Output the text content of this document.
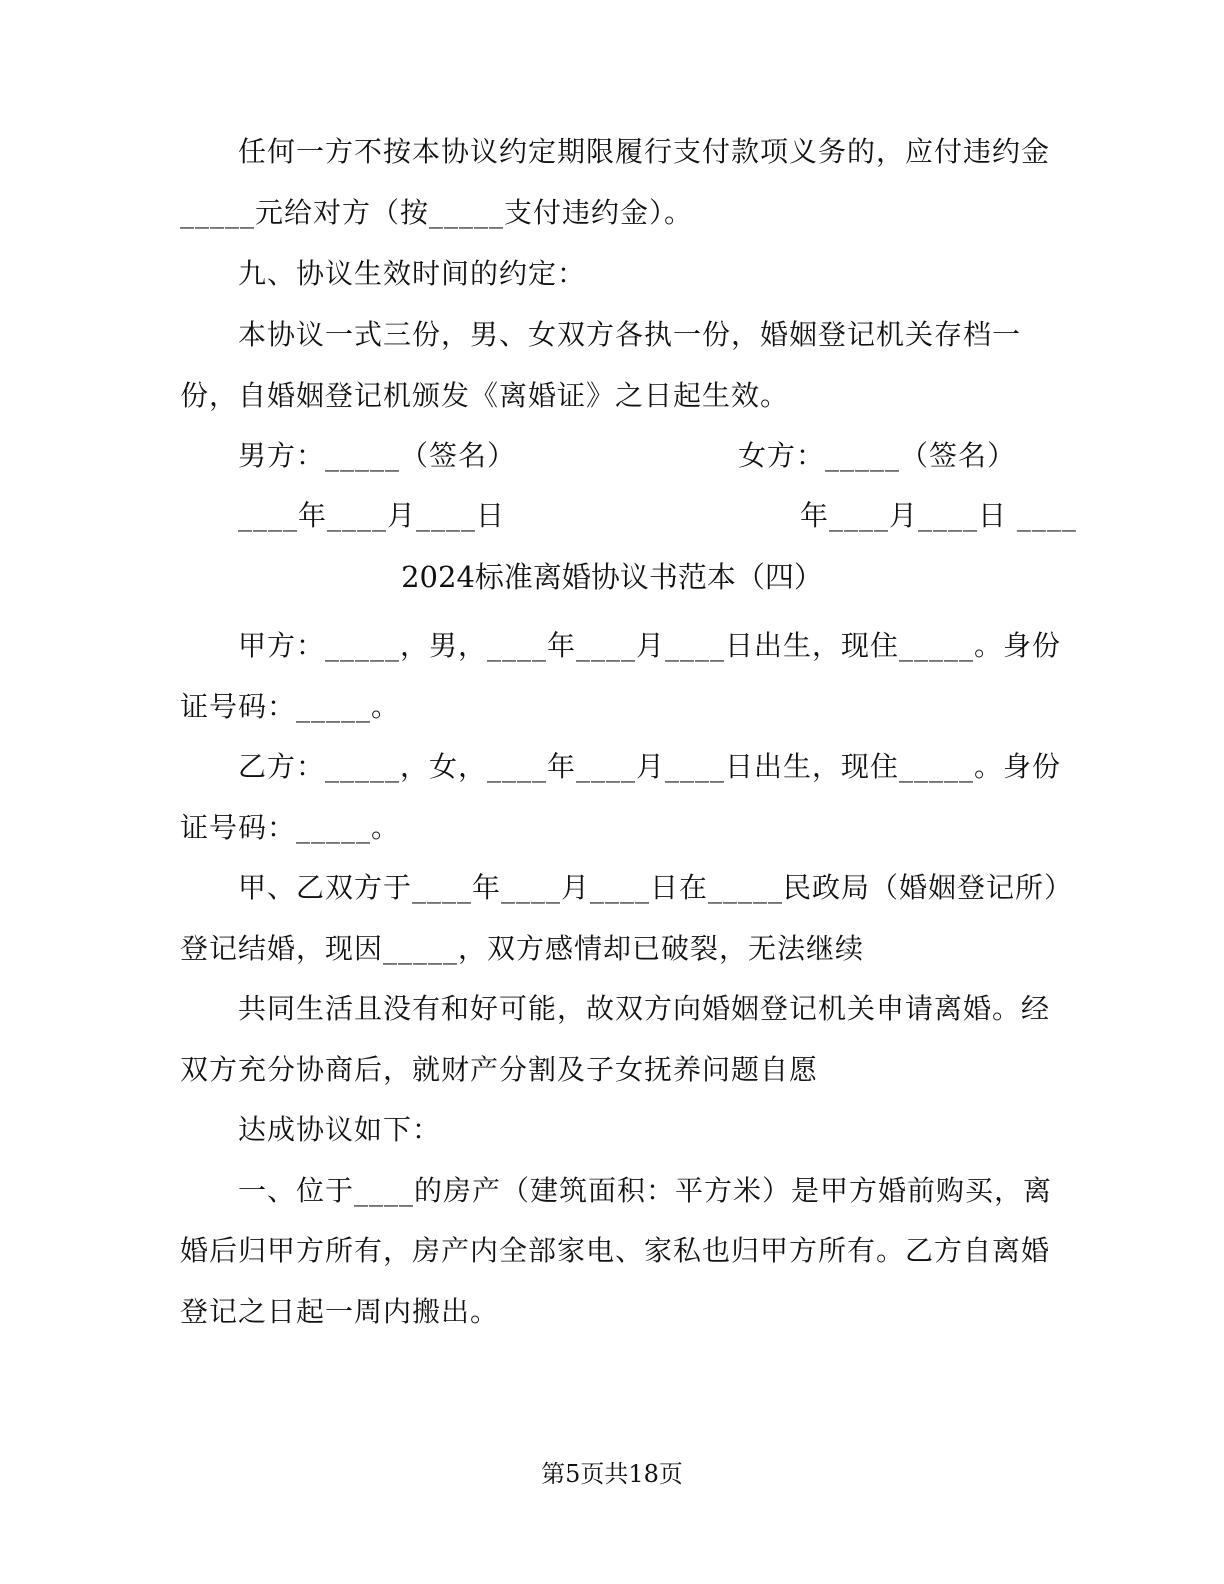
任何一方不按本协议约定期限履行支付款项义务的，应付违约金
_____元给对方（按_____支付违约金）。
九、协议生效时间的约定：
本协议一式三份，男、女双方各执一份，婚姻登记机关存档一
份，自婚姻登记机颁发《离婚证》之日起生效。
男方：_____（签名）	女方：_____（签名）
____年____月____日	年____月____日 ____
2024标准离婚协议书范本（四）
甲方：_____，男，____年____月____日出生，现住_____。身份
证号码：_____。
乙方：_____，女，____年____月____日出生，现住_____。身份
证号码：_____。
甲、乙双方于____年____月____日在_____民政局（婚姻登记所）
登记结婚，现因_____，双方感情却已破裂，无法继续
共同生活且没有和好可能，故双方向婚姻登记机关申请离婚。经
双方充分协商后，就财产分割及子女抚养问题自愿
达成协议如下：
一、位于____的房产（建筑面积：平方米）是甲方婚前购买，离
婚后归甲方所有，房产内全部家电、家私也归甲方所有。乙方自离婚
登记之日起一周内搬出。
第5页共18页
